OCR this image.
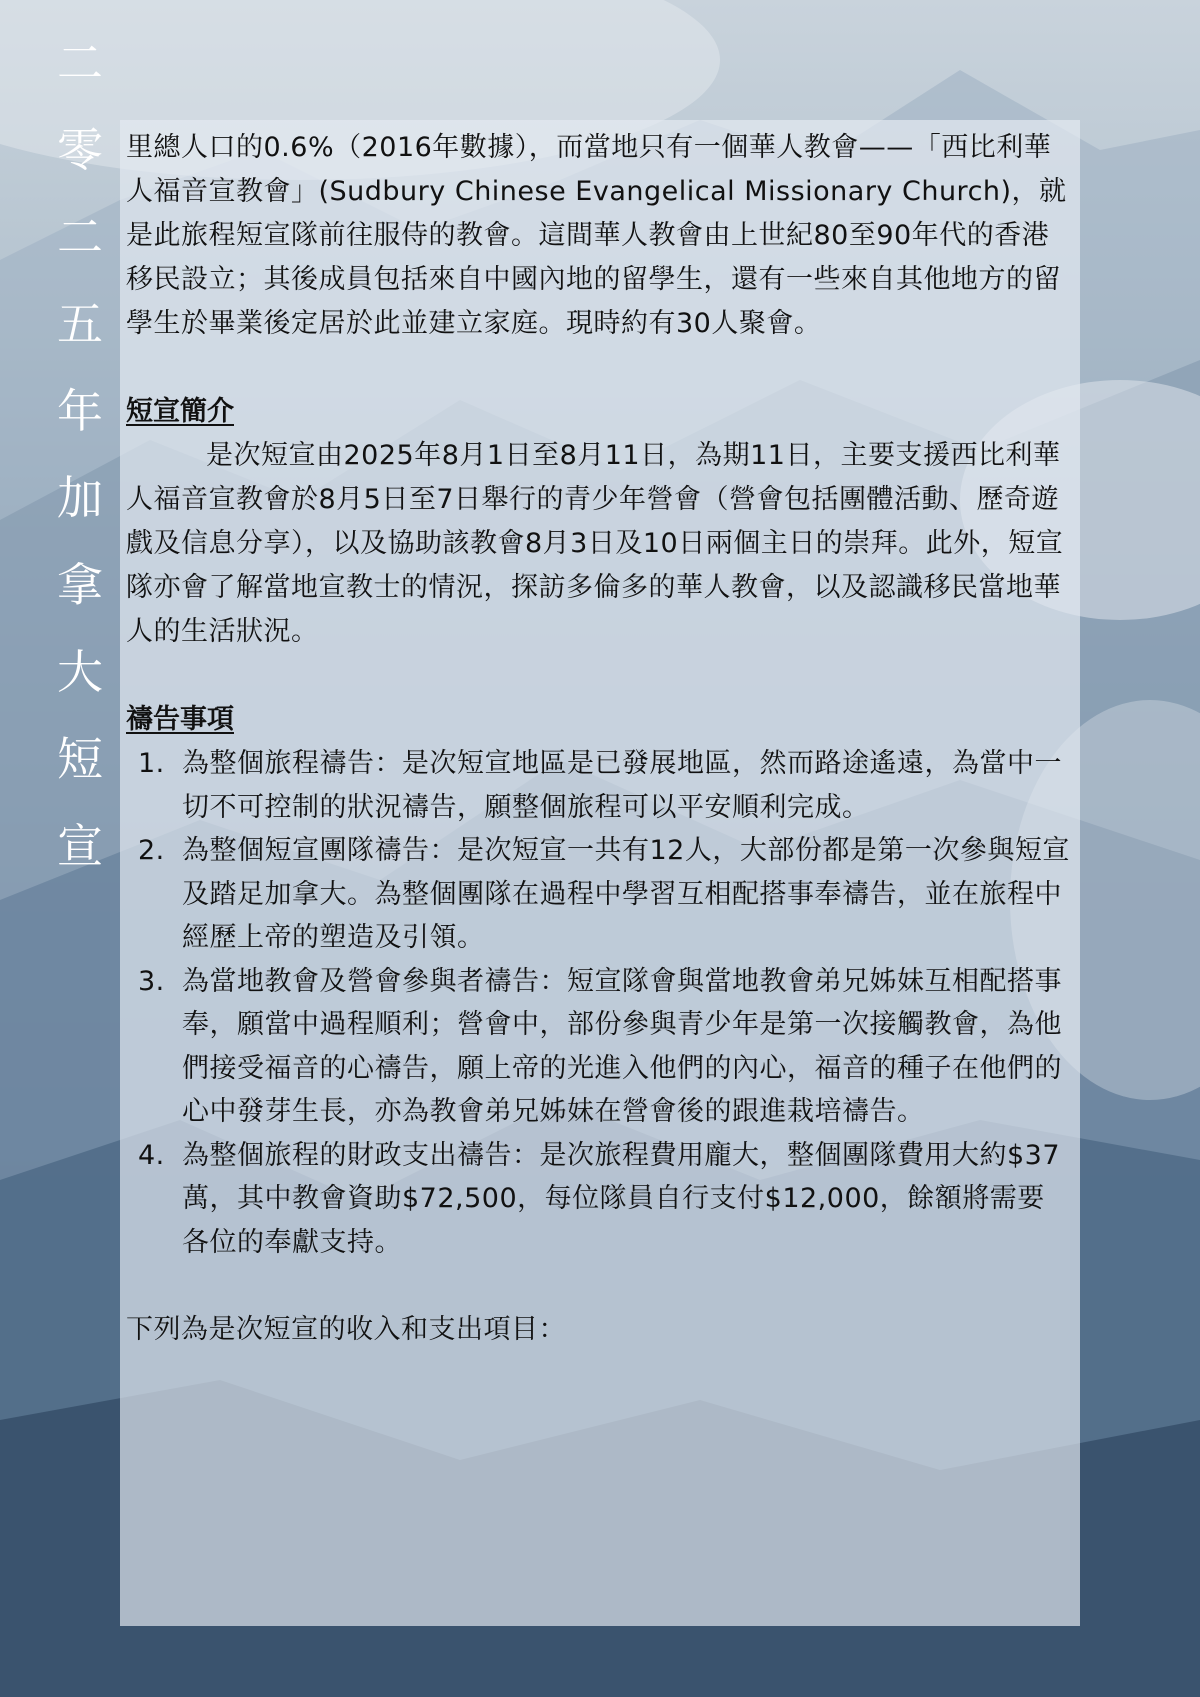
二
零
二
五
年
加
拿
大
短
宣

里總人口的0.6%（2016年數據），而當地只有一個華人教會——「西比利華人福音宣教會」(Sudbury Chinese Evangelical Missionary Church)，就是此旅程短宣隊前往服侍的教會。這間華人教會由上世紀80至90年代的香港移民設立；其後成員包括來自中國內地的留學生，還有一些來自其他地方的留學生於畢業後定居於此並建立家庭。現時約有30人聚會。

短宣簡介

是次短宣由2025年8月1日至8月11日，為期11日，主要支援西比利華人福音宣教會於8月5日至7日舉行的青少年營會（營會包括團體活動、歷奇遊戲及信息分享），以及協助該教會8月3日及10日兩個主日的崇拜。此外，短宣隊亦會了解當地宣教士的情況，探訪多倫多的華人教會，以及認識移民當地華人的生活狀況。

禱告事項
1. 為整個旅程禱告：是次短宣地區是已發展地區，然而路途遙遠，為當中一切不可控制的狀況禱告，願整個旅程可以平安順利完成。
2. 為整個短宣團隊禱告：是次短宣一共有12人，大部份都是第一次參與短宣及踏足加拿大。為整個團隊在過程中學習互相配搭事奉禱告，並在旅程中經歷上帝的塑造及引領。
3. 為當地教會及營會參與者禱告：短宣隊會與當地教會弟兄姊妹互相配搭事奉，願當中過程順利；營會中，部份參與青少年是第一次接觸教會，為他們接受福音的心禱告，願上帝的光進入他們的內心，福音的種子在他們的心中發芽生長，亦為教會弟兄姊妹在營會後的跟進栽培禱告。
4. 為整個旅程的財政支出禱告：是次旅程費用龐大，整個團隊費用大約$37萬，其中教會資助$72,500，每位隊員自行支付$12,000，餘額將需要各位的奉獻支持。

下列為是次短宣的收入和支出項目：
